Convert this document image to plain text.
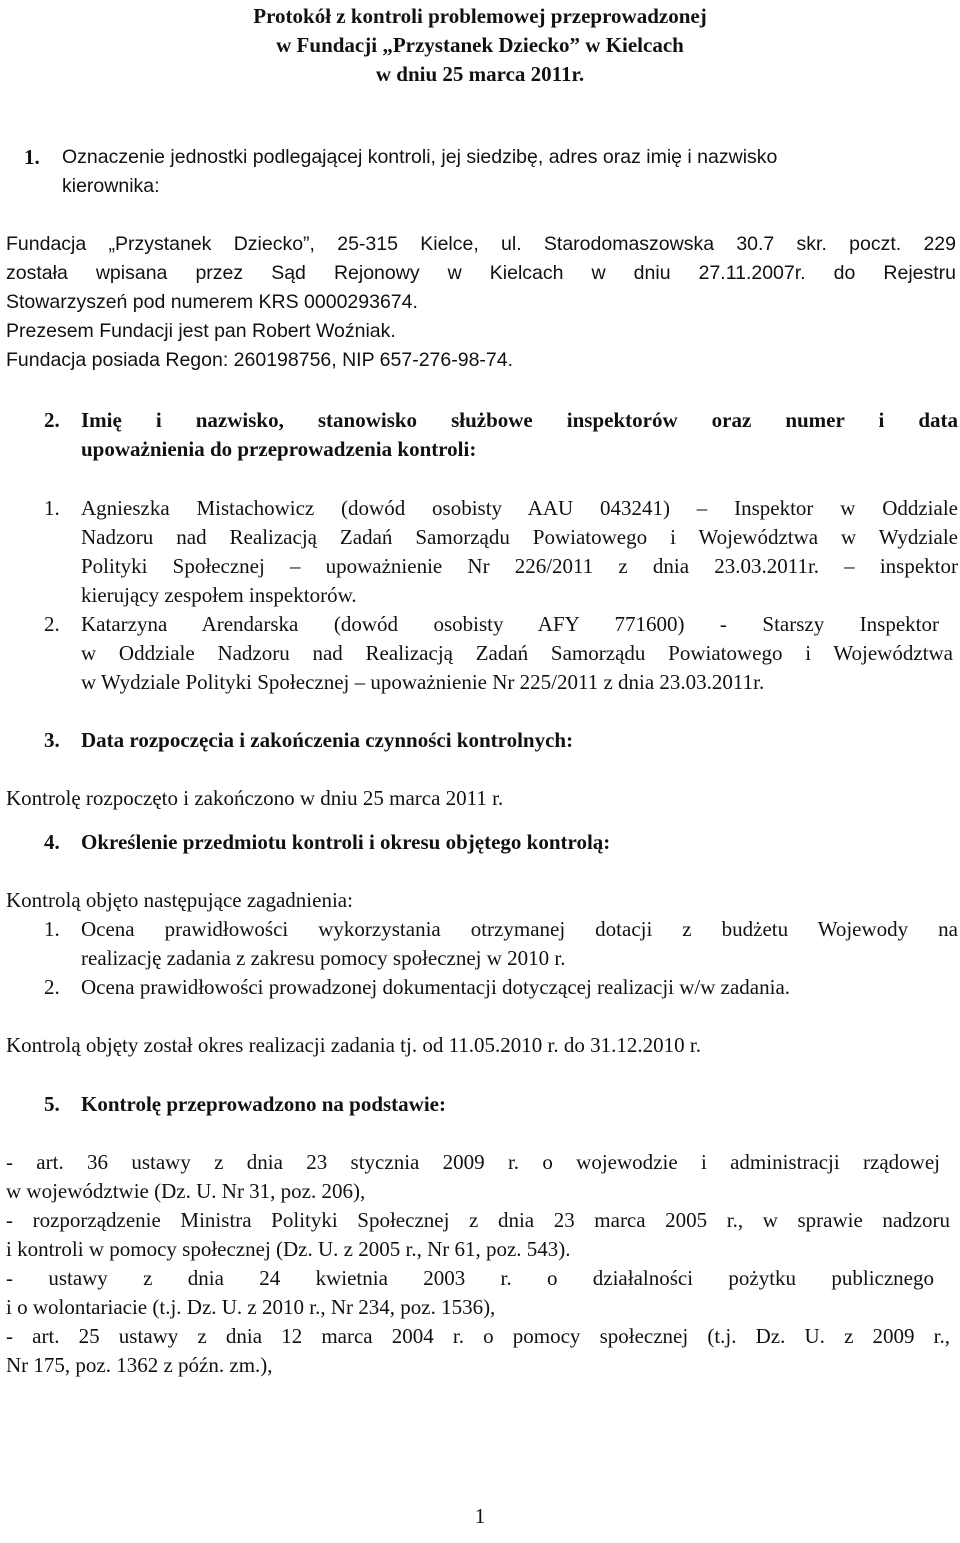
Protokół z kontroli problemowej przeprowadzonej
w Fundacji „Przystanek Dziecko” w Kielcach
w dniu 25 marca 2011r.
1. Oznaczenie jednostki podlegającej kontroli, jej siedzibę, adres oraz imię i nazwisko
kierownika:
Fundacja „Przystanek Dziecko”, 25-315 Kielce, ul. Starodomaszowska 30.7 skr. poczt. 229
została wpisana przez Sąd Rejonowy w Kielcach w dniu 27.11.2007r. do Rejestru
Stowarzyszeń pod numerem KRS 0000293674.
Prezesem Fundacji jest pan Robert Woźniak.
Fundacja posiada Regon: 260198756, NIP 657-276-98-74.
2. Imię i nazwisko, stanowisko służbowe inspektorów oraz numer i data
upoważnienia do przeprowadzenia kontroli:
1. Agnieszka Mistachowicz (dowód osobisty AAU 043241) – Inspektor w Oddziale
Nadzoru nad Realizacją Zadań Samorządu Powiatowego i Województwa w Wydziale
Polityki Społecznej – upoważnienie Nr 226/2011 z dnia 23.03.2011r. – inspektor
kierujący zespołem inspektorów.
2. Katarzyna Arendarska (dowód osobisty AFY 771600) - Starszy Inspektor
w Oddziale Nadzoru nad Realizacją Zadań Samorządu Powiatowego i Województwa
w Wydziale Polityki Społecznej – upoważnienie Nr 225/2011 z dnia 23.03.2011r.
3. Data rozpoczęcia i zakończenia czynności kontrolnych:
Kontrolę rozpoczęto i zakończono w dniu 25 marca 2011 r.
4. Określenie przedmiotu kontroli i okresu objętego kontrolą:
Kontrolą objęto następujące zagadnienia:
1. Ocena prawidłowości wykorzystania otrzymanej dotacji z budżetu Wojewody na
realizację zadania z zakresu pomocy społecznej w 2010 r.
2. Ocena prawidłowości prowadzonej dokumentacji dotyczącej realizacji w/w zadania.
Kontrolą objęty został okres realizacji zadania tj. od 11.05.2010 r. do 31.12.2010 r.
5. Kontrolę przeprowadzono na podstawie:
- art. 36 ustawy z dnia 23 stycznia 2009 r. o wojewodzie i administracji rządowej
w województwie (Dz. U. Nr 31, poz. 206),
- rozporządzenie Ministra Polityki Społecznej z dnia 23 marca 2005 r., w sprawie nadzoru
i kontroli w pomocy społecznej (Dz. U. z 2005 r., Nr 61, poz. 543).
- ustawy z dnia 24 kwietnia 2003 r. o działalności pożytku publicznego
i o wolontariacie (t.j. Dz. U. z 2010 r., Nr 234, poz. 1536),
- art. 25 ustawy z dnia 12 marca 2004 r. o pomocy społecznej (t.j. Dz. U. z 2009 r.,
Nr 175, poz. 1362 z późn. zm.),
1
